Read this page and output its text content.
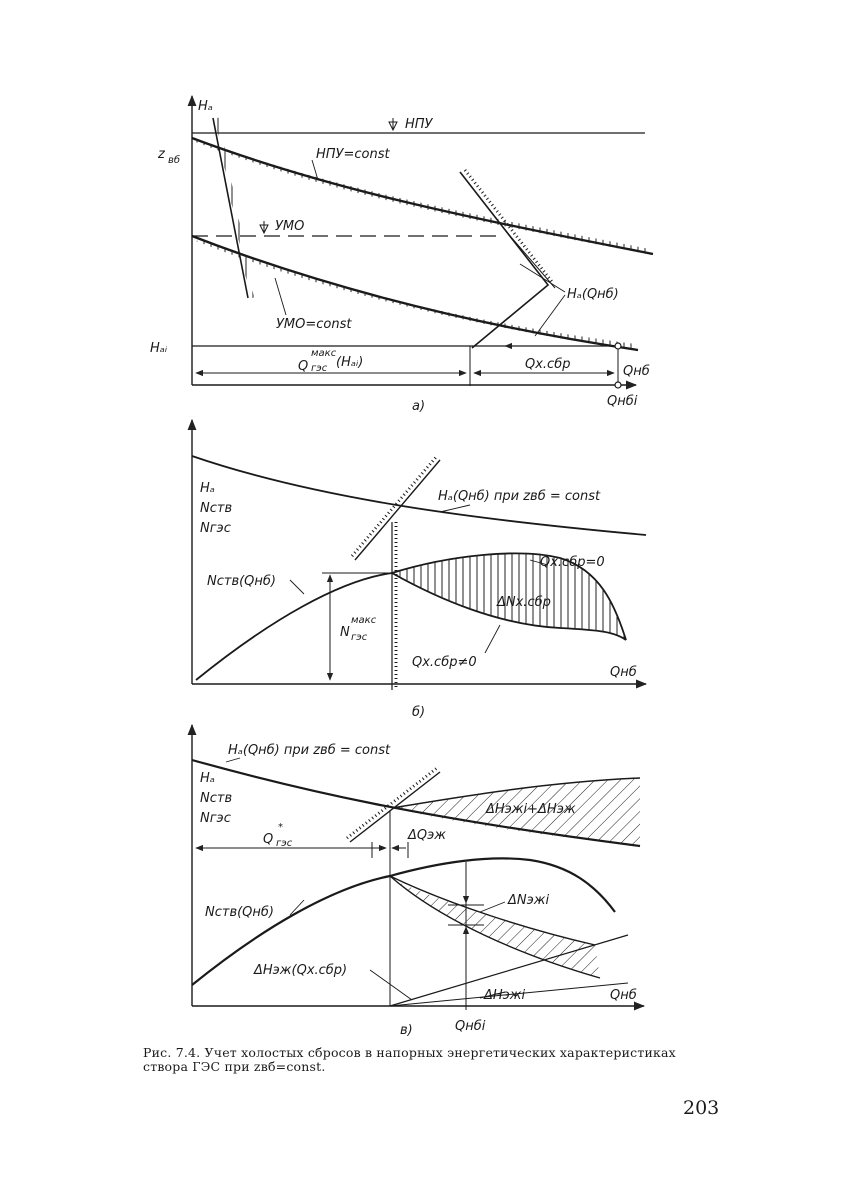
z вб
Hₐ
НПУ
НПУ=const
УМО
УМО=const
Hₐ(Qнб)
Hₐᵢ
Q
макс
гэс (Hₐᵢ)	Qх.сбр	Qнб
Qнбi
а)
Hₐ
Nств
Nгэс
Hₐ(Qнб) при zвб = const
Nств(Qнб)
N
макс
гэс
Qх.сбр=0
ΔNх.сбр
Qх.сбр≠0
Qнб
б)
Hₐ(Qнб) при zвб = const
Hₐ
Nств
Nгэс
Q
*
гэс
ΔQэж
ΔHэжi+ΔHэж
Nств(Qнб)
ΔNэжi
ΔHэж(Qх.сбр)
ΔHэжi	Qнб
Qнбi
в)
Рис. 7.4. Учет холостых сбросов в напорных энергетических характеристиках створа ГЭС при zвб=const.
203
